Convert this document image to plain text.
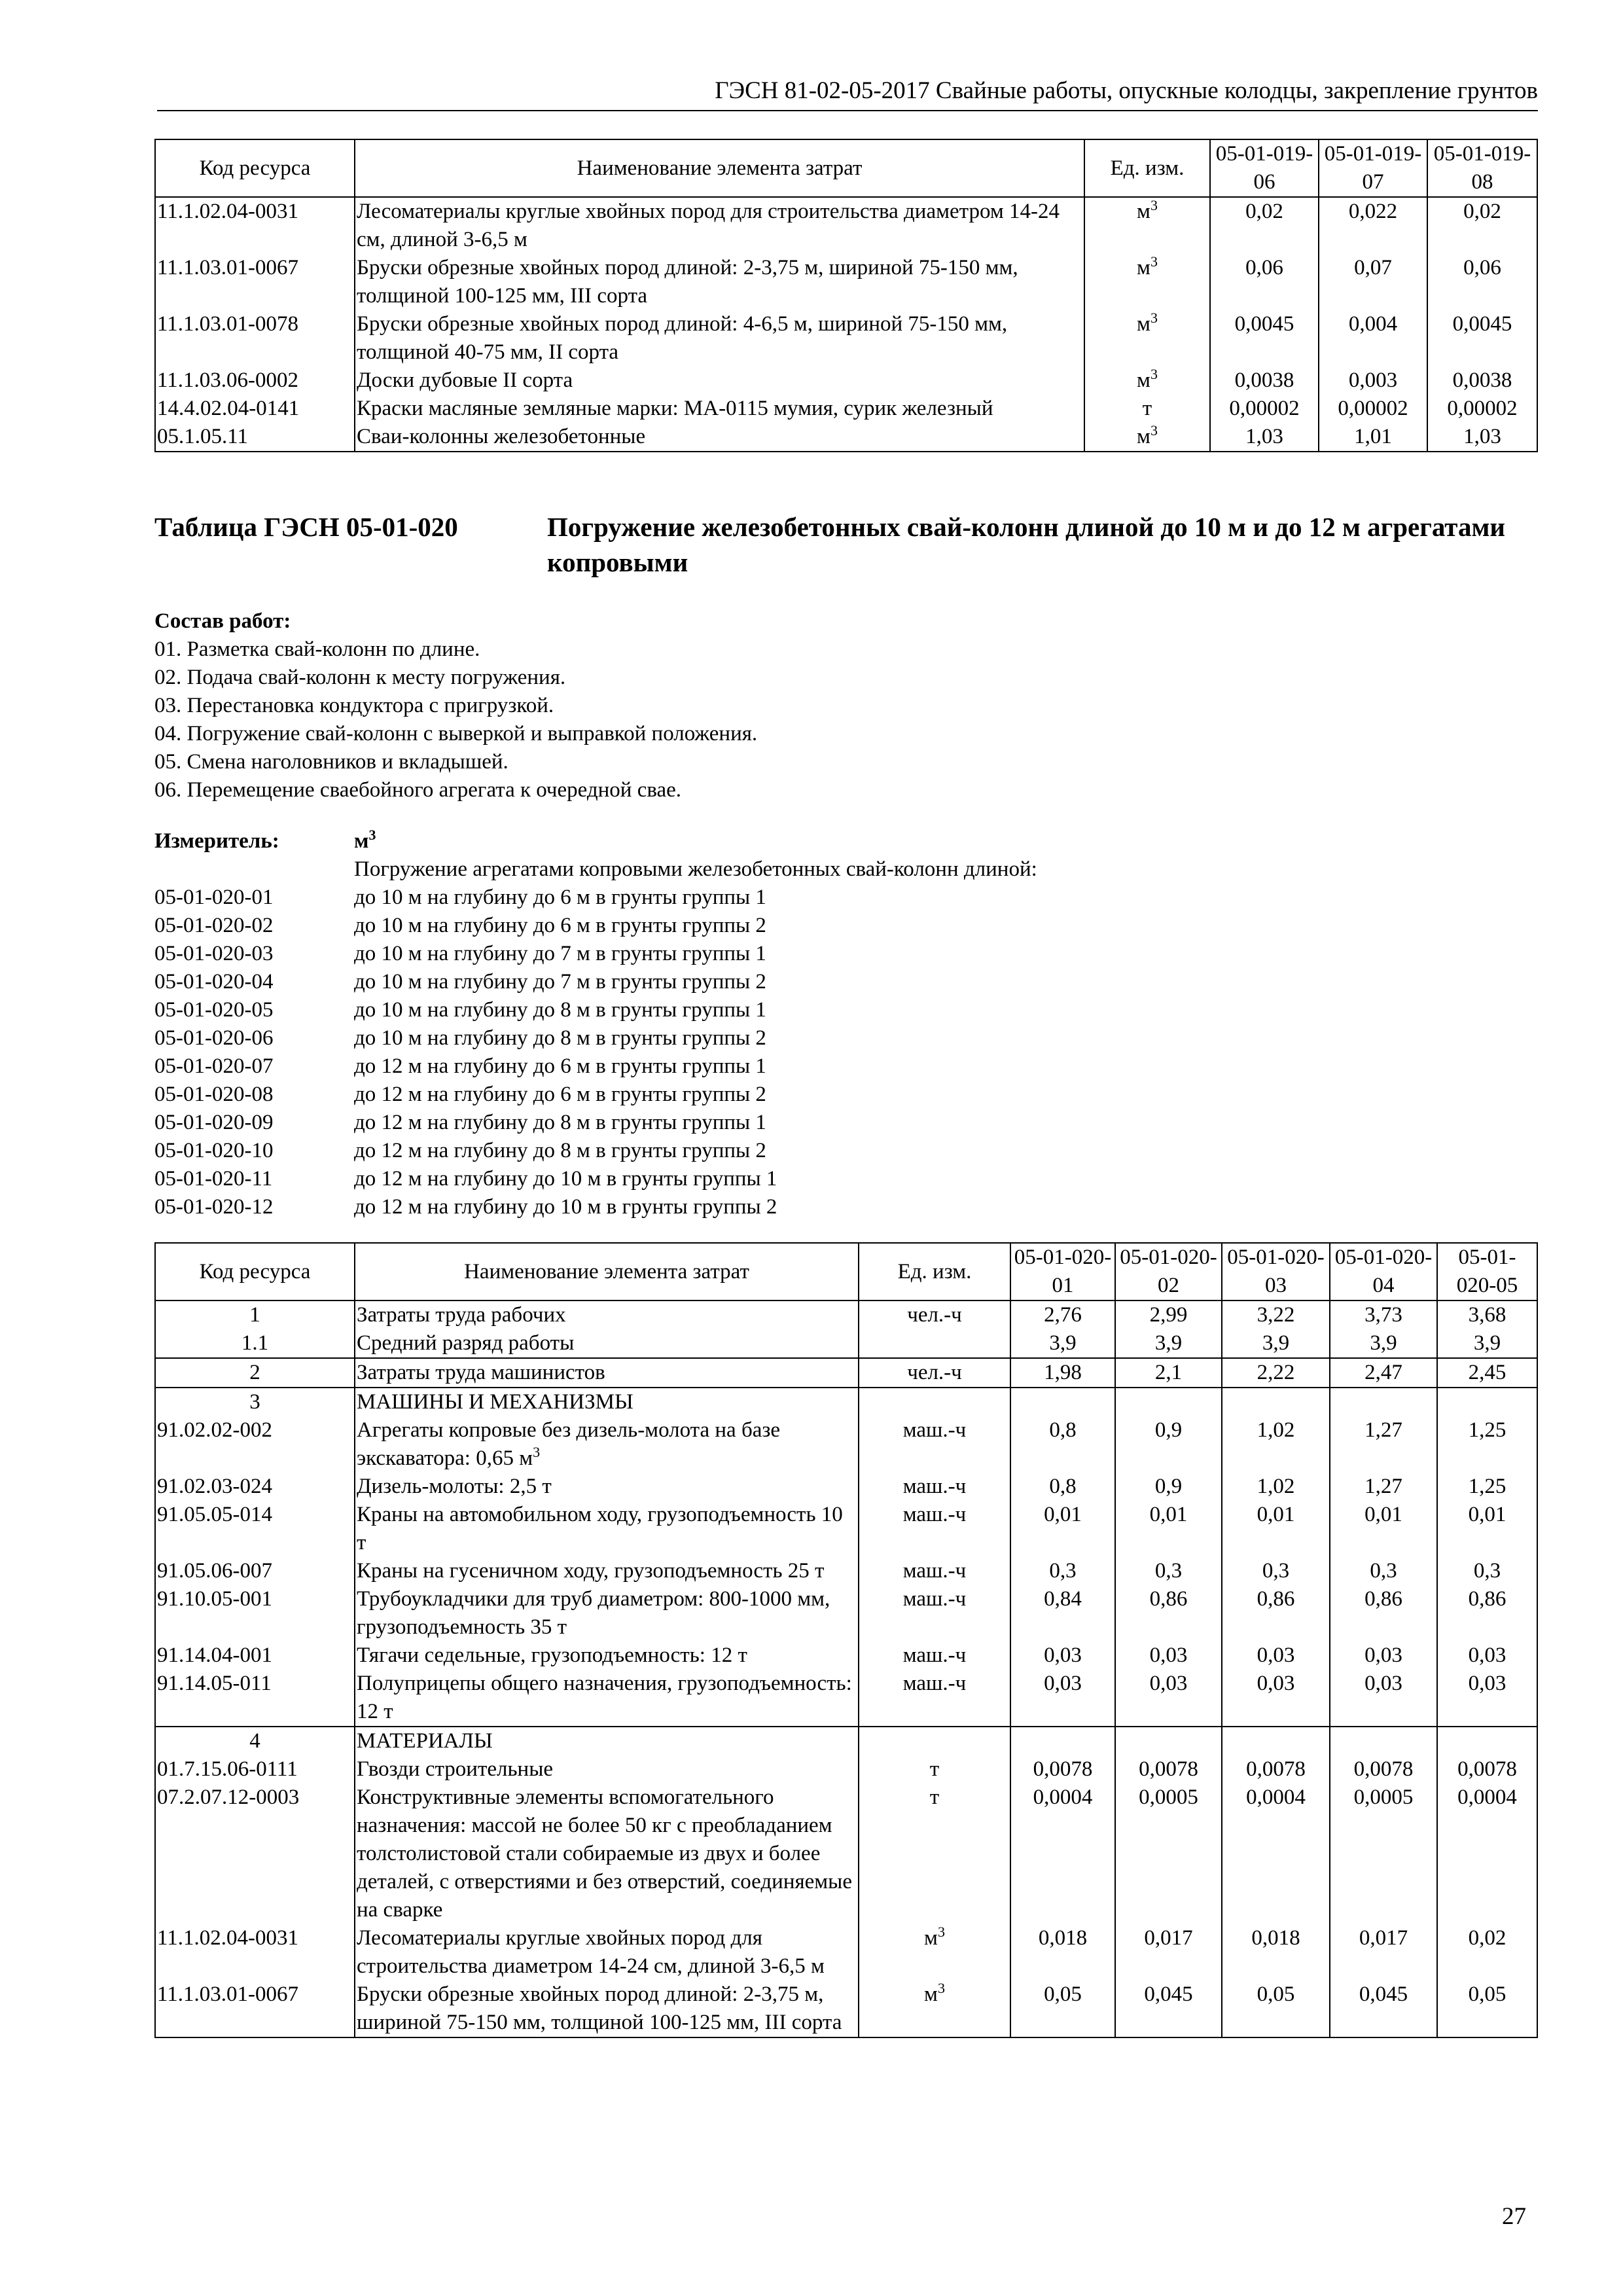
ГЭСН 81-02-05-2017 Свайные работы, опускные колодцы, закрепление грунтов
Код ресурса	Наименование элемента затрат	Ед. изм.	05-01-019-06	05-01-019-07	05-01-019-08
11.1.02.04-0031	Лесоматериалы круглые хвойных пород для строительства диаметром 14-24 см, длиной 3-6,5 м	$м^3$	0,02	0,022	0,02
11.1.03.01-0067	Бруски обрезные хвойных пород длиной: 2-3,75 м, шириной 75-150 мм, толщиной 100-125 мм, III сорта	$м^3$	0,06	0,07	0,06
11.1.03.01-0078	Бруски обрезные хвойных пород длиной: 4-6,5 м, шириной 75-150 мм, толщиной 40-75 мм, II сорта	$м^3$	0,0045	0,004	0,0045
11.1.03.06-0002	Доски дубовые II сорта	$м^3$	0,0038	0,003	0,0038
14.4.02.04-0141	Краски масляные земляные марки: МА-0115 мумия, сурик железный	т	0,00002	0,00002	0,00002
05.1.05.11	Сваи-колонны железобетонные	$м^3$	1,03	1,01	1,03
Таблица ГЭСН 05-01-020	Погружение железобетонных свай-колонн длиной до 10 м и до 12 м агрегатами копровыми
Состав работ:
01. Разметка свай-колонн по длине.
02. Подача свай-колонн к месту погружения.
03. Перестановка кондуктора с пригрузкой.
04. Погружение свай-колонн с выверкой и выправкой положения.
05. Смена наголовников и вкладышей.
06. Перемещение сваебойного агрегата к очередной свае.
Измеритель:	$м^3$
Погружение агрегатами копровыми железобетонных свай-колонн длиной:
05-01-020-01	до 10 м на глубину до 6 м в грунты группы 1
05-01-020-02	до 10 м на глубину до 6 м в грунты группы 2
05-01-020-03	до 10 м на глубину до 7 м в грунты группы 1
05-01-020-04	до 10 м на глубину до 7 м в грунты группы 2
05-01-020-05	до 10 м на глубину до 8 м в грунты группы 1
05-01-020-06	до 10 м на глубину до 8 м в грунты группы 2
05-01-020-07	до 12 м на глубину до 6 м в грунты группы 1
05-01-020-08	до 12 м на глубину до 6 м в грунты группы 2
05-01-020-09	до 12 м на глубину до 8 м в грунты группы 1
05-01-020-10	до 12 м на глубину до 8 м в грунты группы 2
05-01-020-11	до 12 м на глубину до 10 м в грунты группы 1
05-01-020-12	до 12 м на глубину до 10 м в грунты группы 2
Код ресурса	Наименование элемента затрат	Ед. изм.	05-01-020-01	05-01-020-02	05-01-020-03	05-01-020-04	05-01-020-05
1	Затраты труда рабочих	чел.-ч	2,76	2,99	3,22	3,73	3,68
1.1	Средний разряд работы		3,9	3,9	3,9	3,9	3,9
2	Затраты труда машинистов	чел.-ч	1,98	2,1	2,22	2,47	2,45
3	МАШИНЫ И МЕХАНИЗМЫ						
91.02.02-002	Агрегаты копровые без дизель-молота на базе экскаватора: 0,65 $м^3$	маш.-ч	0,8	0,9	1,02	1,27	1,25
91.02.03-024	Дизель-молоты: 2,5 т	маш.-ч	0,8	0,9	1,02	1,27	1,25
91.05.05-014	Краны на автомобильном ходу, грузоподъемность 10 т	маш.-ч	0,01	0,01	0,01	0,01	0,01
91.05.06-007	Краны на гусеничном ходу, грузоподъемность 25 т	маш.-ч	0,3	0,3	0,3	0,3	0,3
91.10.05-001	Трубоукладчики для труб диаметром: 800-1000 мм, грузоподъемность 35 т	маш.-ч	0,84	0,86	0,86	0,86	0,86
91.14.04-001	Тягачи седельные, грузоподъемность: 12 т	маш.-ч	0,03	0,03	0,03	0,03	0,03
91.14.05-011	Полуприцепы общего назначения, грузоподъемность: 12 т	маш.-ч	0,03	0,03	0,03	0,03	0,03
4	МАТЕРИАЛЫ						
01.7.15.06-0111	Гвозди строительные	т	0,0078	0,0078	0,0078	0,0078	0,0078
07.2.07.12-0003	Конструктивные элементы вспомогательного назначения: массой не более 50 кг с преобладанием толстолистовой стали собираемые из двух и более деталей, с отверстиями и без отверстий, соединяемые на сварке	т	0,0004	0,0005	0,0004	0,0005	0,0004
11.1.02.04-0031	Лесоматериалы круглые хвойных пород для строительства диаметром 14-24 см, длиной 3-6,5 м	$м^3$	0,018	0,017	0,018	0,017	0,02
11.1.03.01-0067	Бруски обрезные хвойных пород длиной: 2-3,75 м, шириной 75-150 мм, толщиной 100-125 мм, III сорта	$м^3$	0,05	0,045	0,05	0,045	0,05
27
